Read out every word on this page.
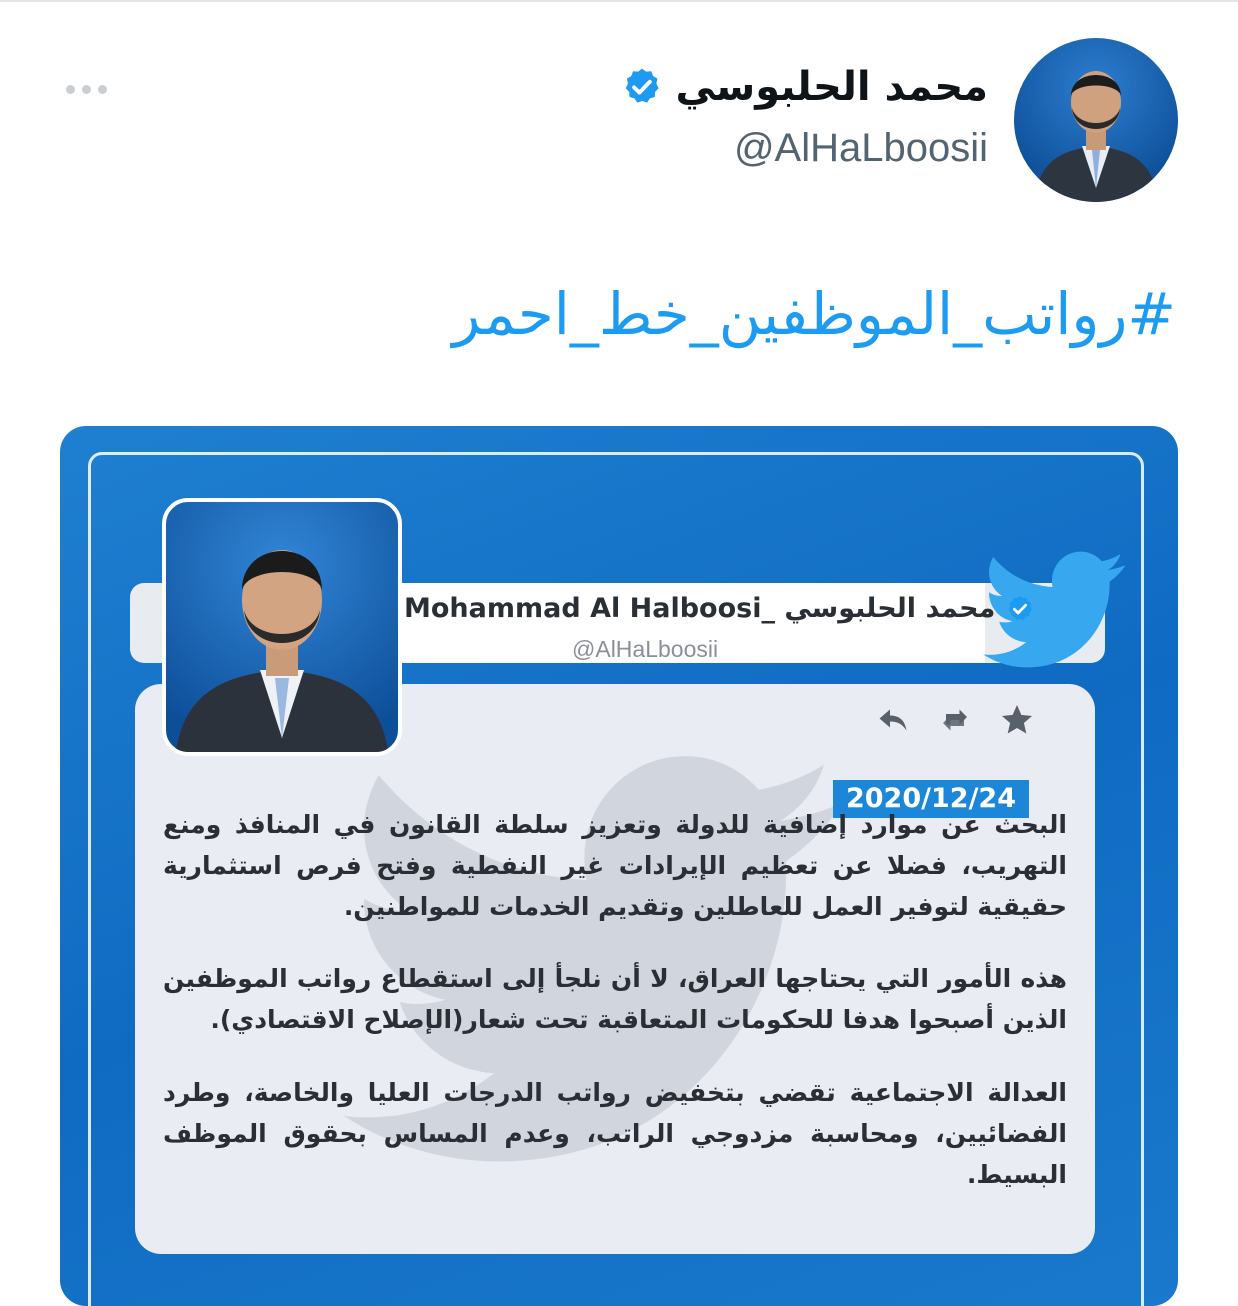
محمد الحلبوسي
@AlHaLboosii
#رواتب_الموظفين_خط_احمر
Mohammad Al Halboosi_ محمد الحلبوسي
@AlHaLboosii
2020/12/24
البحث عن موارد إضافية للدولة وتعزيز سلطة القانون في المنافذ ومنع التهريب، فضلا عن تعظيم الإيرادات غير النفطية وفتح فرص استثمارية حقيقية لتوفير العمل للعاطلين وتقديم الخدمات للمواطنين.
هذه الأمور التي يحتاجها العراق، لا أن نلجأ إلى استقطاع رواتب الموظفين الذين أصبحوا هدفا للحكومات المتعاقبة تحت شعار(الإصلاح الاقتصادي).
العدالة الاجتماعية تقضي بتخفيض رواتب الدرجات العليا والخاصة، وطرد الفضائيين، ومحاسبة مزدوجي الراتب، وعدم المساس بحقوق الموظف البسيط.
